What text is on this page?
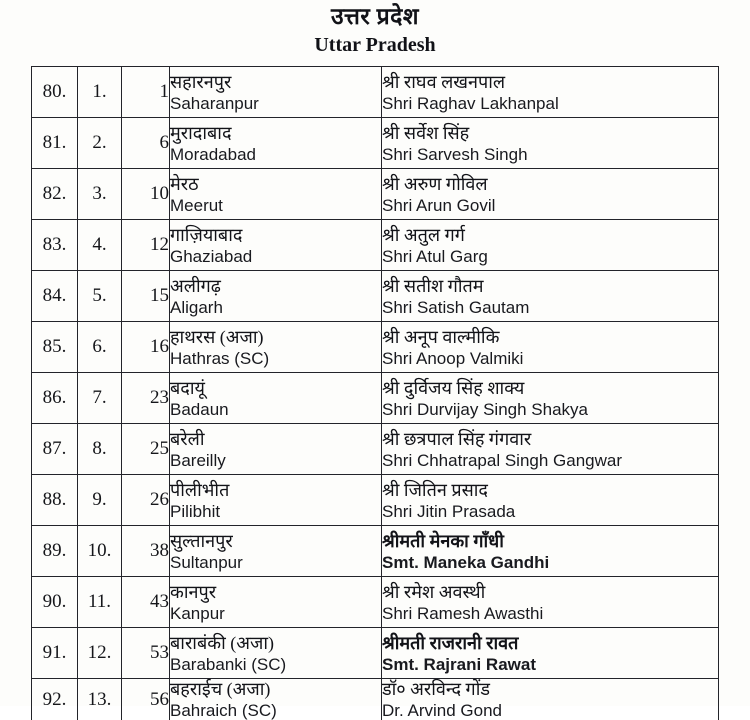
उत्तर प्रदेश
Uttar Pradesh
80.	1.	1	सहारनपुर
Saharanpur	श्री राघव लखनपाल
Shri Raghav Lakhanpal

81.	2.	6	मुरादाबाद
Moradabad	श्री सर्वेश सिंह
Shri Sarvesh Singh

82.	3.	10	मेरठ
Meerut	श्री अरुण गोविल
Shri Arun Govil

83.	4.	12	गाज़ियाबाद
Ghaziabad	श्री अतुल गर्ग
Shri Atul Garg

84.	5.	15	अलीगढ़
Aligarh	श्री सतीश गौतम
Shri Satish Gautam

85.	6.	16	हाथरस (अजा)
Hathras (SC)	श्री अनूप वाल्मीकि
Shri Anoop Valmiki

86.	7.	23	बदायूं
Badaun	श्री दुर्विजय सिंह शाक्य
Shri Durvijay Singh Shakya

87.	8.	25	बरेली
Bareilly	श्री छत्रपाल सिंह गंगवार
Shri Chhatrapal Singh Gangwar

88.	9.	26	पीलीभीत
Pilibhit	श्री जितिन प्रसाद
Shri Jitin Prasada

89.	10.	38	सुल्तानपुर
Sultanpur	श्रीमती मेनका गाँधी
Smt. Maneka Gandhi

90.	11.	43	कानपुर
Kanpur	श्री रमेश अवस्थी
Shri Ramesh Awasthi

91.	12.	53	बाराबंकी (अजा)
Barabanki (SC)	श्रीमती राजरानी रावत
Smt. Rajrani Rawat

92.	13.	56	बहराईच (अजा)
Bahraich (SC)	डॉ० अरविन्द गोंड
Dr. Arvind Gond
